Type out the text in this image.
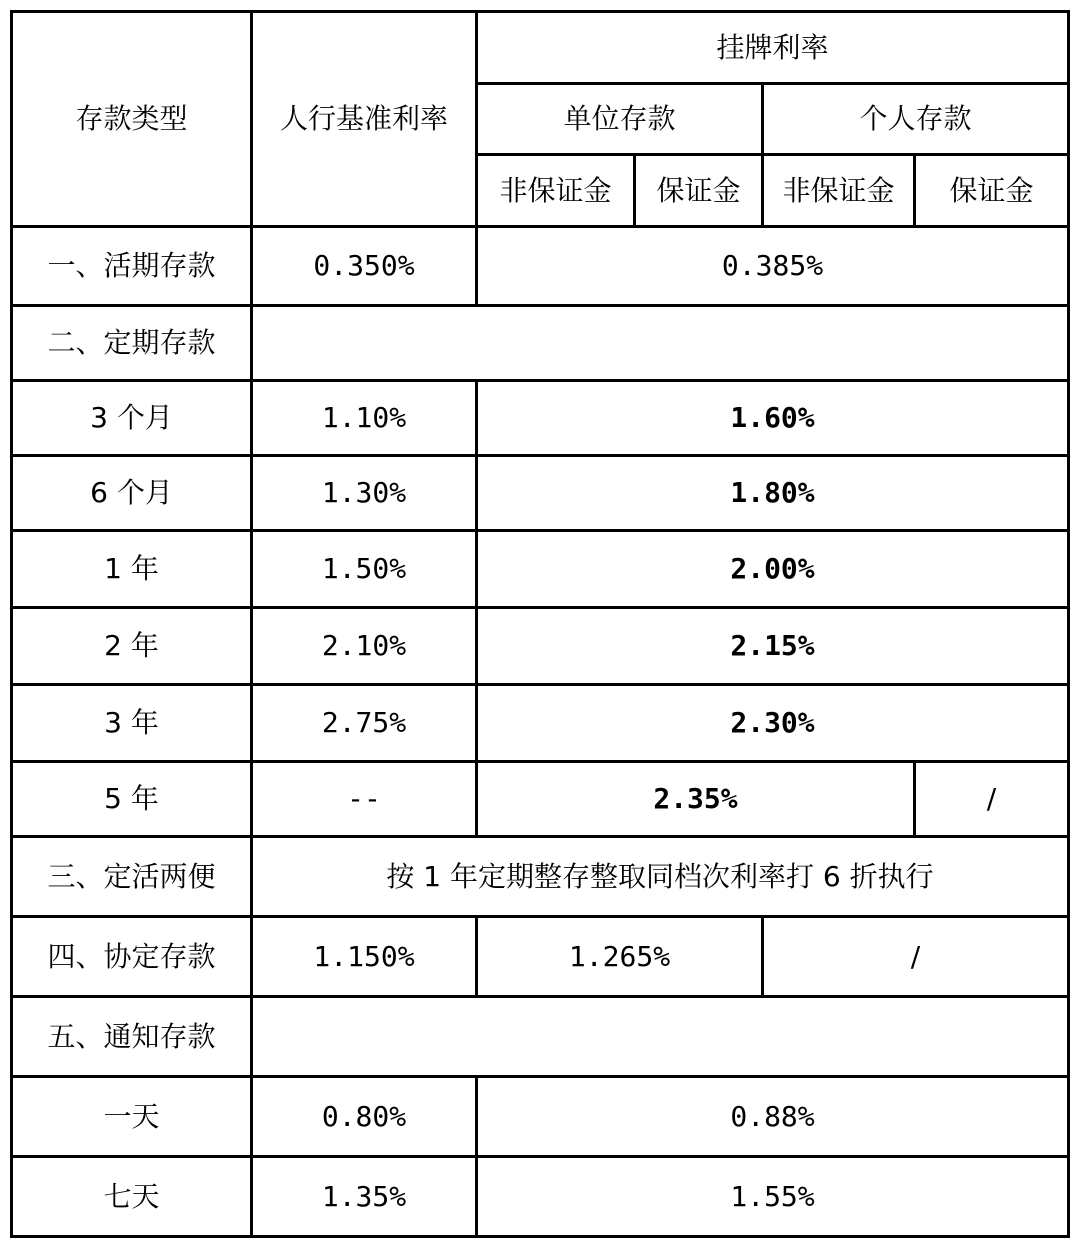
存款类型	人行基准利率	挂牌利率			
		单位存款		个人存款	
		非保证金	保证金	非保证金	保证金
一、活期存款	0.350%	0.385%			
二、定期存款					
3 个月	1.10%	1.60%			
6 个月	1.30%	1.80%			
1 年	1.50%	2.00%			
2 年	2.10%	2.15%			
3 年	2.75%	2.30%			
5 年	--	2.35%			/
三、定活两便	按 1 年定期整存整取同档次利率打 6 折执行				
四、协定存款	1.150%	1.265%		/	
五、通知存款					
一天	0.80%	0.88%			
七天	1.35%	1.55%			
